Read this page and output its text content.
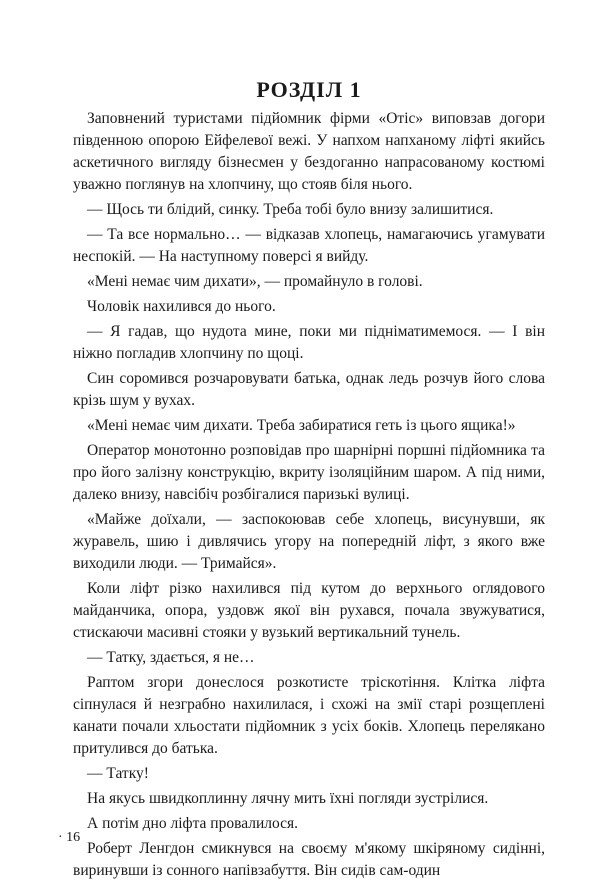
РОЗДІЛ 1

Заповнений туристами підйомник фірми «Отіс» виповзав догори південною опорою Ейфелевої вежі. У напхом напханому ліфті якийсь аскетичного вигляду бізнесмен у бездоганно напрасованому костюмі уважно поглянув на хлопчину, що стояв біля нього.

— Щось ти блідий, синку. Треба тобі було внизу залишитися.

— Та все нормально… — відказав хлопець, намагаючись угамувати неспокій. — На наступному поверсі я вийду.

«Мені немає чим дихати», — промайнуло в голові.

Чоловік нахилився до нього.

— Я гадав, що нудота мине, поки ми підніматимемося. — І він ніжно погладив хлопчину по щоці.

Син соромився розчаровувати батька, однак ледь розчув його слова крізь шум у вухах.

«Мені немає чим дихати. Треба забиратися геть із цього ящика!»

Оператор монотонно розповідав про шарнірні поршні підйомника та про його залізну конструкцію, вкриту ізоляційним шаром. А під ними, далеко внизу, навсібіч розбігалися паризькі вулиці.

«Майже доїхали, — заспокоював себе хлопець, висунувши, як журавель, шию і дивлячись угору на попередній ліфт, з якого вже виходили люди. — Тримайся».

Коли ліфт різко нахилився під кутом до верхнього оглядового майданчика, опора, уздовж якої він рухався, почала звужуватися, стискаючи масивні стояки у вузький вертикальний тунель.

— Татку, здається, я не…

Раптом згори донеслося розкотисте тріскотіння. Клітка ліфта сіпнулася й незграбно нахилилася, і схожі на змії старі розщеплені канати почали хльостати підйомник з усіх боків. Хлопець перелякано притулився до батька.

— Татку!

На якусь швидкоплинну лячну мить їхні погляди зустрілися.

А потім дно ліфта провалилося.

Роберт Ленгдон смикнувся на своєму м'якому шкіряному сидінні, виринувши із сонного напівзабуття. Він сидів сам-один

· 16
